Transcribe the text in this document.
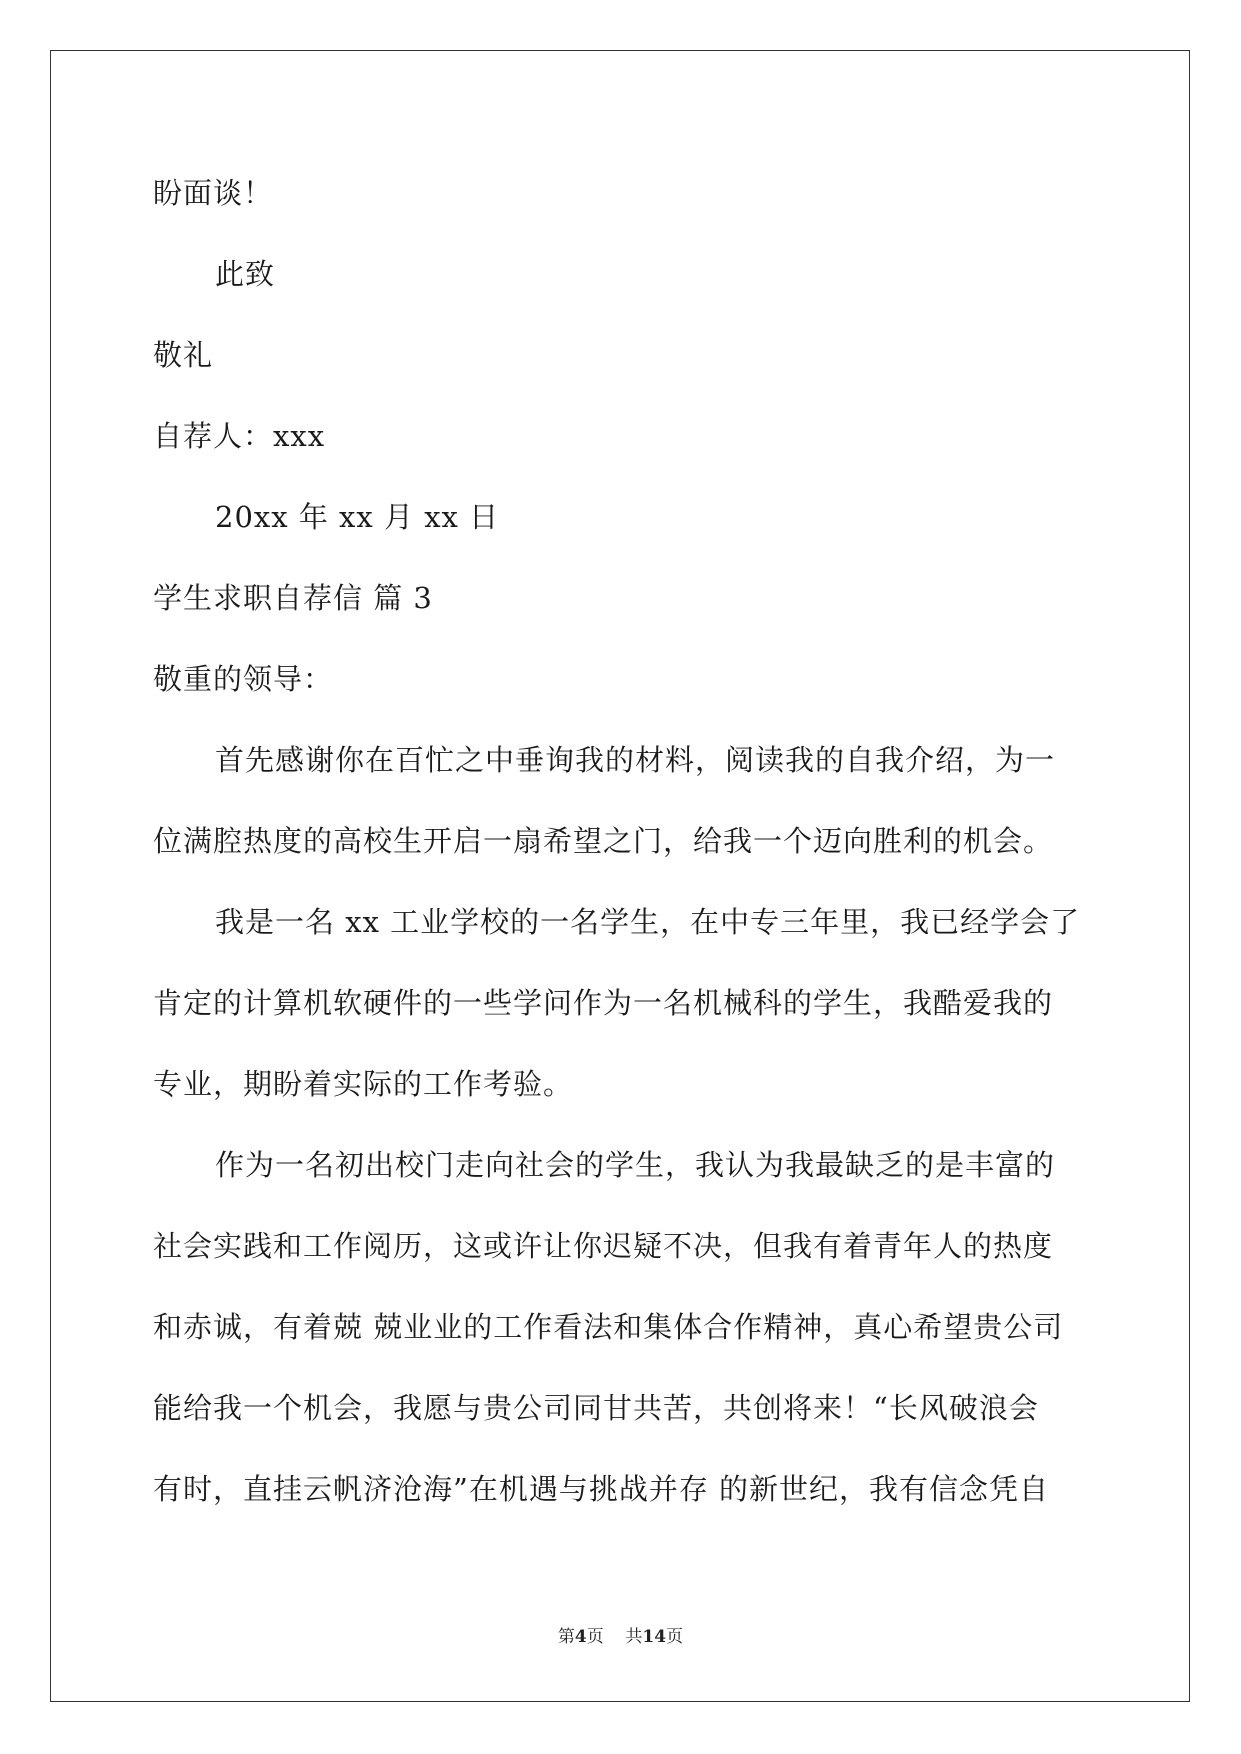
盼面谈！
此致
敬礼
自荐人：xxx
20xx 年 xx 月 xx 日
学生求职自荐信 篇 3
敬重的领导：
首先感谢你在百忙之中垂询我的材料，阅读我的自我介绍，为一
位满腔热度的高校生开启一扇希望之门，给我一个迈向胜利的机会。
我是一名 xx 工业学校的一名学生，在中专三年里，我已经学会了
肯定的计算机软硬件的一些学问作为一名机械科的学生，我酷爱我的
专业，期盼着实际的工作考验。
作为一名初出校门走向社会的学生，我认为我最缺乏的是丰富的
社会实践和工作阅历，这或许让你迟疑不决，但我有着青年人的热度
和赤诚，有着兢 兢业业的工作看法和集体合作精神，真心希望贵公司
能给我一个机会，我愿与贵公司同甘共苦，共创将来！“长风破浪会
有时，直挂云帆济沧海”在机遇与挑战并存 的新世纪，我有信念凭自
第4页 共14页
